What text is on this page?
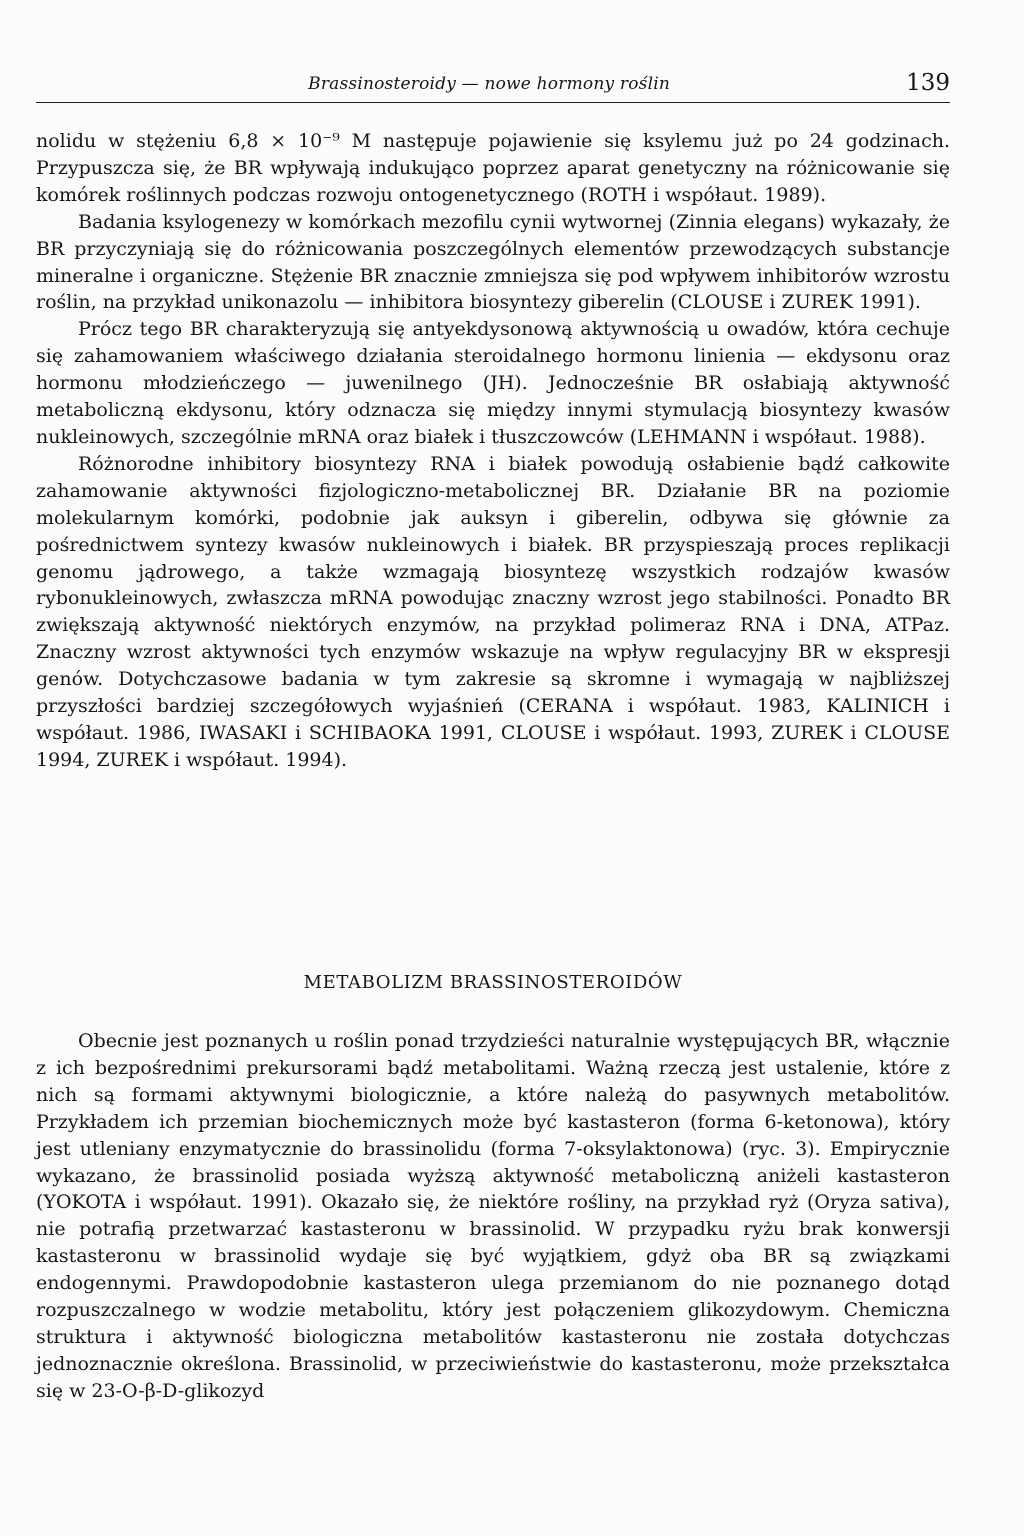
Brassinosteroidy — nowe hormony roślin	139

nolidu w stężeniu 6,8 × 10⁻⁹ M następuje pojawienie się ksylemu już po 24 godzinach. Przypuszcza się, że BR wpływają indukująco poprzez aparat genetyczny na różnicowanie się komórek roślinnych podczas rozwoju ontogenetycznego (ROTH i współaut. 1989).

Badania ksylogenezy w komórkach mezofilu cynii wytwornej (Zinnia elegans) wykazały, że BR przyczyniają się do różnicowania poszczególnych elementów przewodzących substancje mineralne i organiczne. Stężenie BR znacznie zmniejsza się pod wpływem inhibitorów wzrostu roślin, na przykład unikonazolu — inhibitora biosyntezy giberelin (CLOUSE i ZUREK 1991).

Prócz tego BR charakteryzują się antyekdysonową aktywnością u owadów, która cechuje się zahamowaniem właściwego działania steroidalnego hormonu linienia — ekdysonu oraz hormonu młodzieńczego — juwenilnego (JH). Jednocześnie BR osłabiają aktywność metaboliczną ekdysonu, który odznacza się między innymi stymulacją biosyntezy kwasów nukleinowych, szczególnie mRNA oraz białek i tłuszczowców (LEHMANN i współaut. 1988).

Różnorodne inhibitory biosyntezy RNA i białek powodują osłabienie bądź całkowite zahamowanie aktywności fizjologiczno-metabolicznej BR. Działanie BR na poziomie molekularnym komórki, podobnie jak auksyn i giberelin, odbywa się głównie za pośrednictwem syntezy kwasów nukleinowych i białek. BR przyspieszają proces replikacji genomu jądrowego, a także wzmagają biosyntezę wszystkich rodzajów kwasów rybonukleinowych, zwłaszcza mRNA powodując znaczny wzrost jego stabilności. Ponadto BR zwiększają aktywność niektórych enzymów, na przykład polimeraz RNA i DNA, ATPaz. Znaczny wzrost aktywności tych enzymów wskazuje na wpływ regulacyjny BR w ekspresji genów. Dotychczasowe badania w tym zakresie są skromne i wymagają w najbliższej przyszłości bardziej szczegółowych wyjaśnień (CERANA i współaut. 1983, KALINICH i współaut. 1986, IWASAKI i SCHIBAOKA 1991, CLOUSE i współaut. 1993, ZUREK i CLOUSE 1994, ZUREK i współaut. 1994).

METABOLIZM BRASSINOSTEROIDÓW

Obecnie jest poznanych u roślin ponad trzydzieści naturalnie występujących BR, włącznie z ich bezpośrednimi prekursorami bądź metabolitami. Ważną rzeczą jest ustalenie, które z nich są formami aktywnymi biologicznie, a które należą do pasywnych metabolitów. Przykładem ich przemian biochemicznych może być kastasteron (forma 6-ketonowa), który jest utleniany enzymatycznie do brassinolidu (forma 7-oksylaktonowa) (ryc. 3). Empirycznie wykazano, że brassinolid posiada wyższą aktywność metaboliczną aniżeli kastasteron (YOKOTA i współaut. 1991). Okazało się, że niektóre rośliny, na przykład ryż (Oryza sativa), nie potrafią przetwarzać kastasteronu w brassinolid. W przypadku ryżu brak konwersji kastasteronu w brassinolid wydaje się być wyjątkiem, gdyż oba BR są związkami endogennymi. Prawdopodobnie kastasteron ulega przemianom do nie poznanego dotąd rozpuszczalnego w wodzie metabolitu, który jest połączeniem glikozydowym. Chemiczna struktura i aktywność biologiczna metabolitów kastasteronu nie została dotychczas jednoznacznie określona. Brassinolid, w przeciwieństwie do kastasteronu, może przekształca się w 23-O-β-D-glikozyd
